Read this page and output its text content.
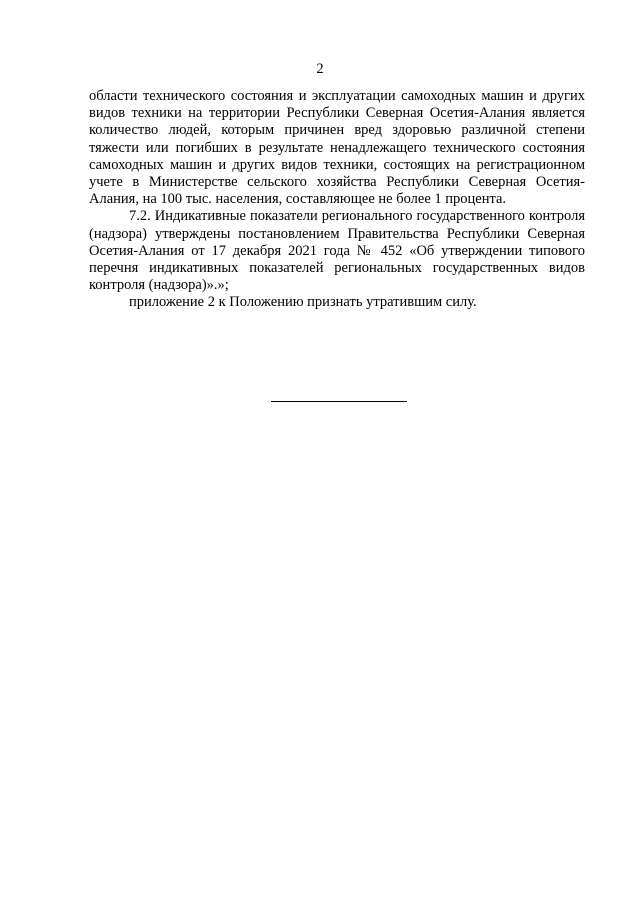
2

области технического состояния и эксплуатации самоходных машин и других видов техники на территории Республики Северная Осетия-Алания является количество людей, которым причинен вред здоровью различной степени тяжести или погибших в результате ненадлежащего технического состояния самоходных машин и других видов техники, состоящих на регистрационном учете в Министерстве сельского хозяйства Республики Северная Осетия-Алания, на 100 тыс. населения, составляющее не более 1 процента.

7.2. Индикативные показатели регионального государственного контроля (надзора) утверждены постановлением Правительства Республики Северная Осетия-Алания от 17 декабря 2021 года № 452 «Об утверждении типового перечня индикативных показателей региональных государственных видов контроля (надзора)».»;

приложение 2 к Положению признать утратившим силу.
